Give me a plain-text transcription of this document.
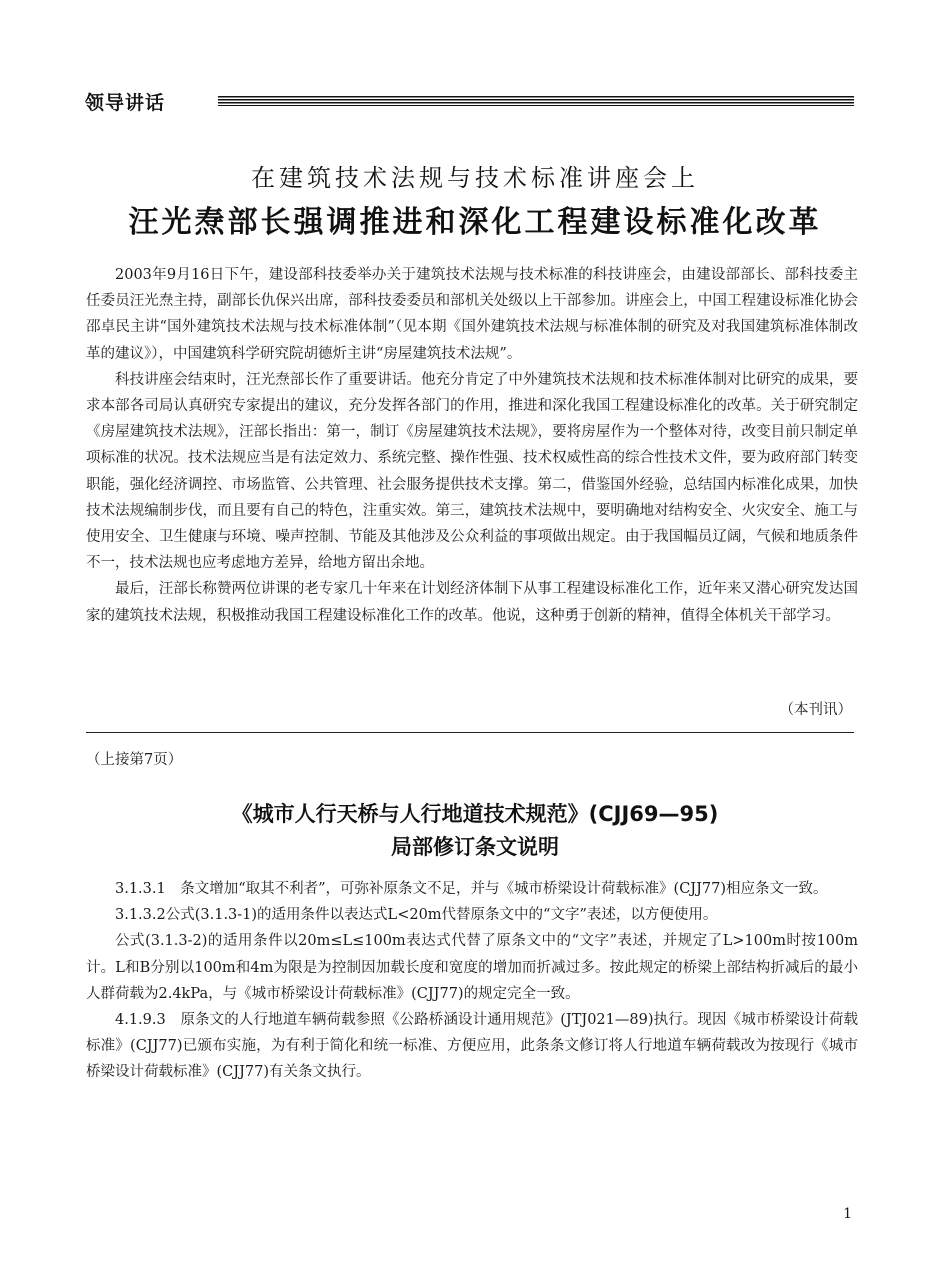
领导讲话
在建筑技术法规与技术标准讲座会上
汪光焘部长强调推进和深化工程建设标准化改革

2003年9月16日下午，建设部科技委举办关于建筑技术法规与技术标准的科技讲座会，由建设部部长、部科技委主任委员汪光焘主持，副部长仇保兴出席，部科技委委员和部机关处级以上干部参加。讲座会上，中国工程建设标准化协会邵卓民主讲“国外建筑技术法规与技术标准体制”（见本期《国外建筑技术法规与标准体制的研究及对我国建筑标准体制改革的建议》），中国建筑科学研究院胡德炘主讲“房屋建筑技术法规”。

科技讲座会结束时，汪光焘部长作了重要讲话。他充分肯定了中外建筑技术法规和技术标准体制对比研究的成果，要求本部各司局认真研究专家提出的建议，充分发挥各部门的作用，推进和深化我国工程建设标准化的改革。关于研究制定《房屋建筑技术法规》，汪部长指出：第一，制订《房屋建筑技术法规》，要将房屋作为一个整体对待，改变目前只制定单项标准的状况。技术法规应当是有法定效力、系统完整、操作性强、技术权威性高的综合性技术文件，要为政府部门转变职能，强化经济调控、市场监管、公共管理、社会服务提供技术支撑。第二，借鉴国外经验，总结国内标准化成果，加快技术法规编制步伐，而且要有自己的特色，注重实效。第三，建筑技术法规中，要明确地对结构安全、火灾安全、施工与使用安全、卫生健康与环境、噪声控制、节能及其他涉及公众利益的事项做出规定。由于我国幅员辽阔，气候和地质条件不一，技术法规也应考虑地方差异，给地方留出余地。

最后，汪部长称赞两位讲课的老专家几十年来在计划经济体制下从事工程建设标准化工作，近年来又潜心研究发达国家的建筑技术法规，积极推动我国工程建设标准化工作的改革。他说，这种勇于创新的精神，值得全体机关干部学习。

（本刊讯）
（上接第7页）
《城市人行天桥与人行地道技术规范》(CJJ69—95)
局部修订条文说明

3.1.3.1　条文增加“取其不利者”，可弥补原条文不足，并与《城市桥梁设计荷载标准》(CJJ77)相应条文一致。

3.1.3.2公式(3.1.3-1)的适用条件以表达式L<20m代替原条文中的“文字”表述，以方便使用。

公式(3.1.3-2)的适用条件以20m≤L≤100m表达式代替了原条文中的“文字”表述，并规定了L>100m时按100m计。L和B分别以100m和4m为限是为控制因加载长度和宽度的增加而折减过多。按此规定的桥梁上部结构折减后的最小人群荷载为2.4kPa，与《城市桥梁设计荷载标准》(CJJ77)的规定完全一致。

4.1.9.3　原条文的人行地道车辆荷载参照《公路桥涵设计通用规范》(JTJ021—89)执行。现因《城市桥梁设计荷载标准》(CJJ77)已颁布实施，为有利于简化和统一标准、方便应用，此条条文修订将人行地道车辆荷载改为按现行《城市桥梁设计荷载标准》(CJJ77)有关条文执行。

1
